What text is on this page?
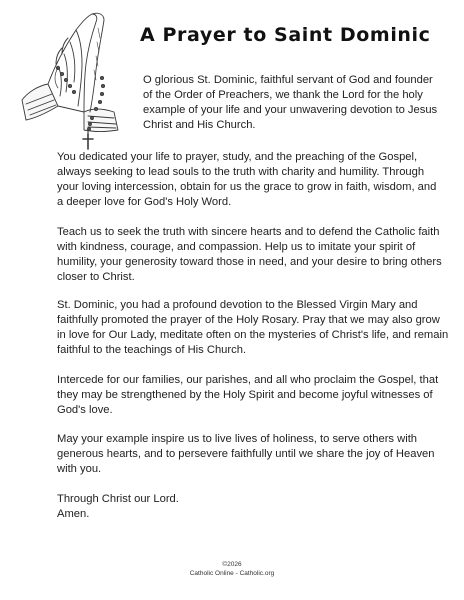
A Prayer to Saint Dominic

O glorious St. Dominic, faithful servant of God and founder of the Order of Preachers, we thank the Lord for the holy example of your life and your unwavering devotion to Jesus Christ and His Church.

You dedicated your life to prayer, study, and the preaching of the Gospel, always seeking to lead souls to the truth with charity and humility. Through your loving intercession, obtain for us the grace to grow in faith, wisdom, and a deeper love for God's Holy Word.

Teach us to seek the truth with sincere hearts and to defend the Catholic faith with kindness, courage, and compassion. Help us to imitate your spirit of humility, your generosity toward those in need, and your desire to bring others closer to Christ.

St. Dominic, you had a profound devotion to the Blessed Virgin Mary and faithfully promoted the prayer of the Holy Rosary. Pray that we may also grow in love for Our Lady, meditate often on the mysteries of Christ's life, and remain faithful to the teachings of His Church.

Intercede for our families, our parishes, and all who proclaim the Gospel, that they may be strengthened by the Holy Spirit and become joyful witnesses of God's love.

May your example inspire us to live lives of holiness, to serve others with generous hearts, and to persevere faithfully until we share the joy of Heaven with you.

Through Christ our Lord.
Amen.

©2026
Catholic Online - Catholic.org
